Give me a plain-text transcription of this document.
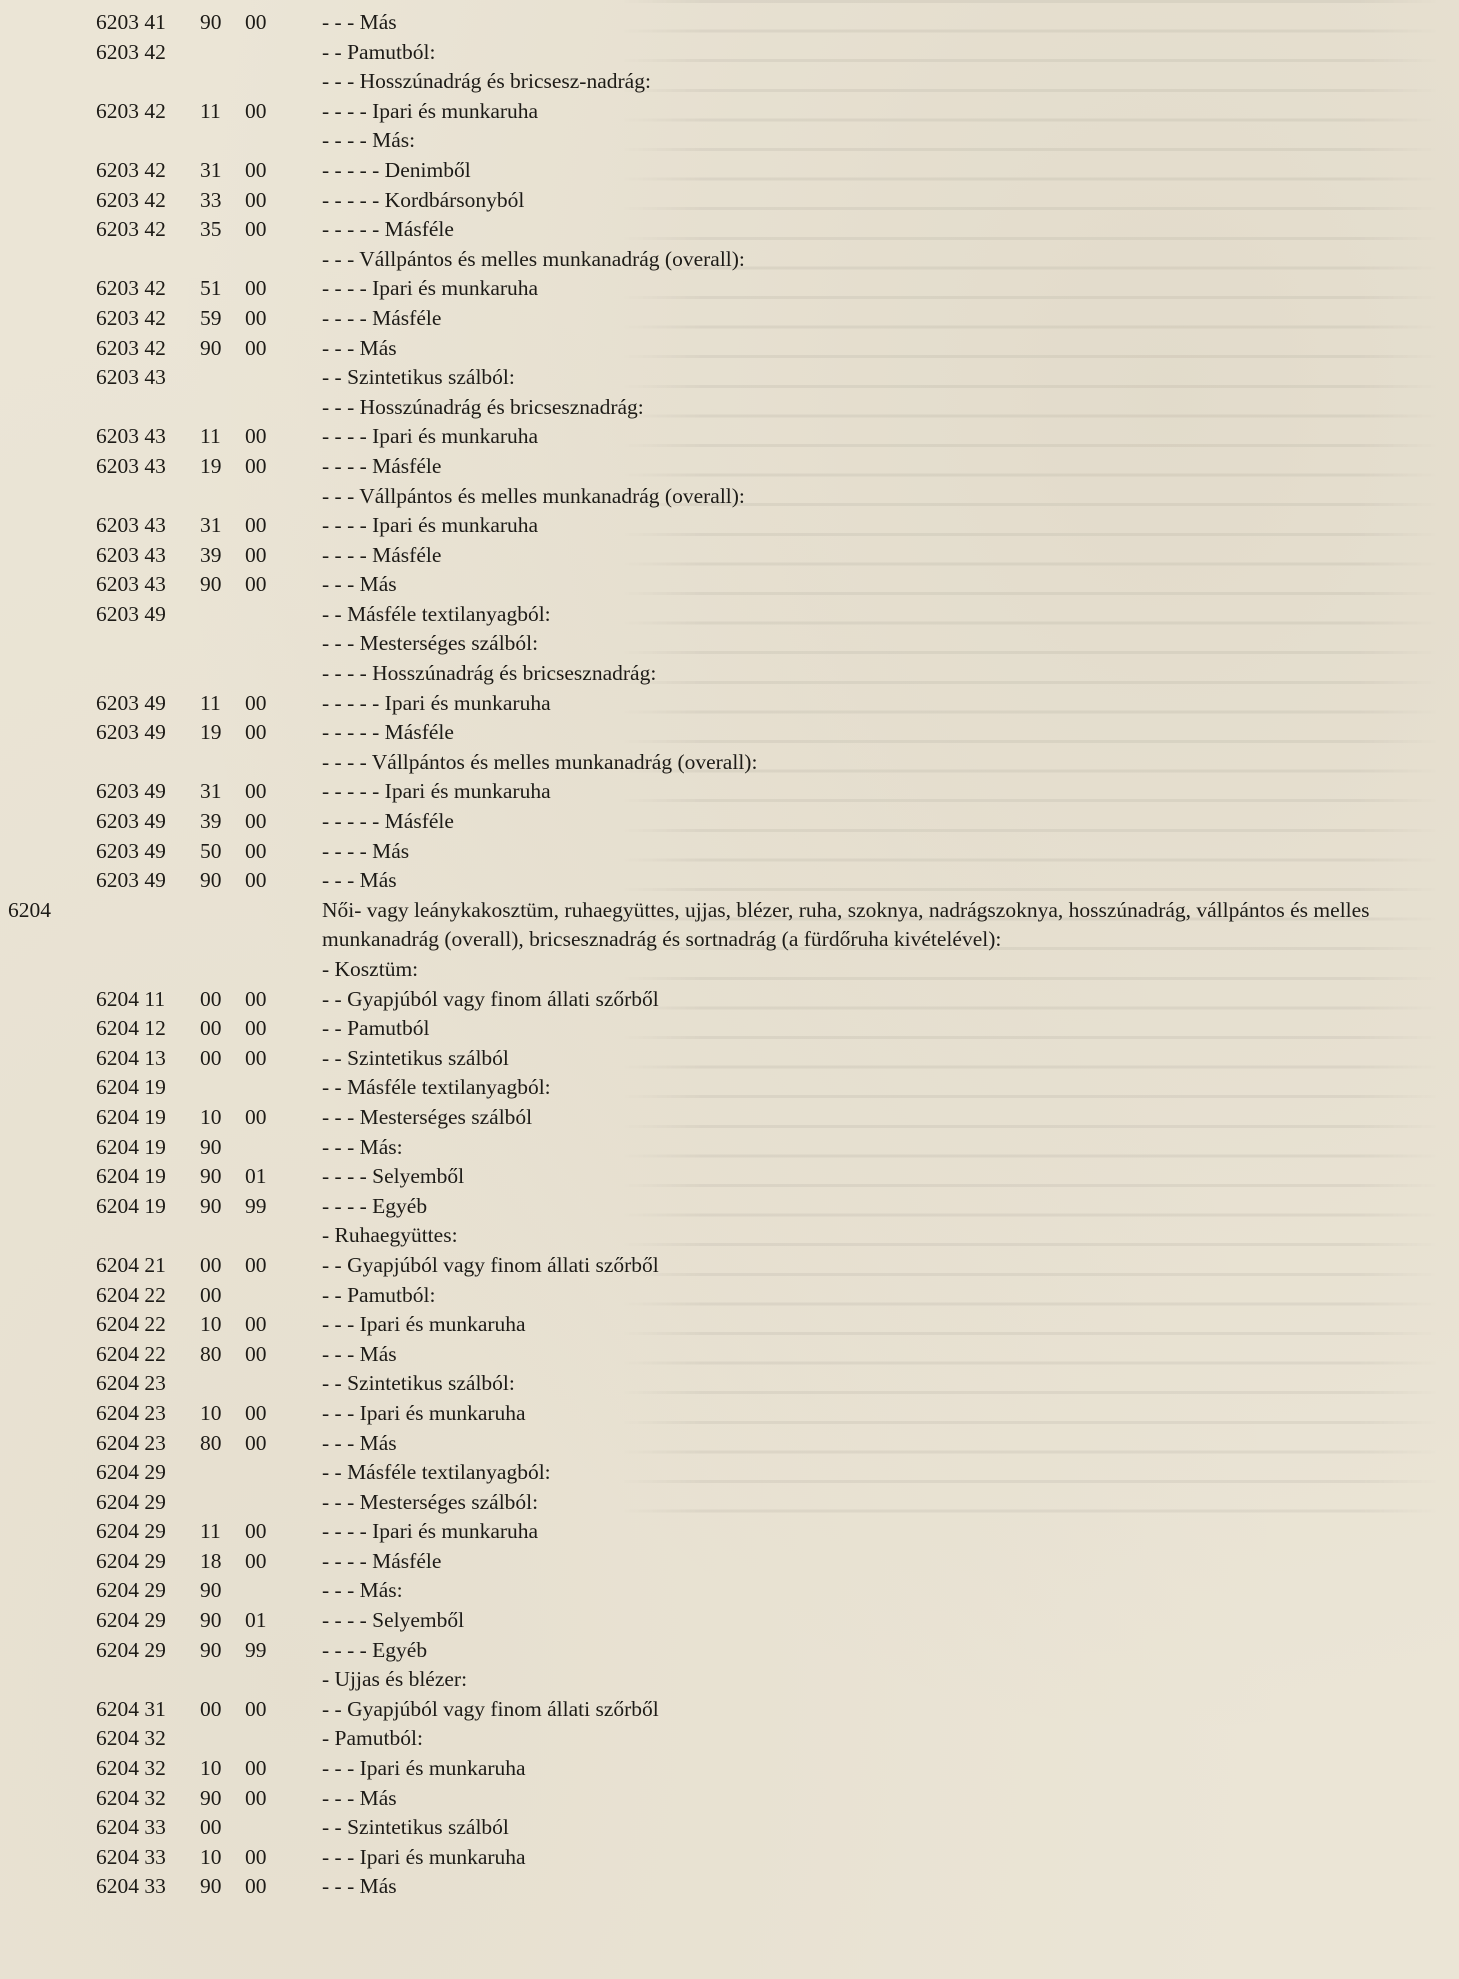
6203 41 90 00	- - - Más
6203 42	- - Pamutból:
- - - Hosszúnadrág és bricsesz-nadrág:
6203 42 11 00	- - - - Ipari és munkaruha
- - - - Más:
6203 42 31 00	- - - - - Denimből
6203 42 33 00	- - - - - Kordbársonyból
6203 42 35 00	- - - - - Másféle
- - - Vállpántos és melles munkanadrág (overall):
6203 42 51 00	- - - - Ipari és munkaruha
6203 42 59 00	- - - - Másféle
6203 42 90 00	- - - Más
6203 43	- - Szintetikus szálból:
- - - Hosszúnadrág és bricsesznadrág:
6203 43 11 00	- - - - Ipari és munkaruha
6203 43 19 00	- - - - Másféle
- - - Vállpántos és melles munkanadrág (overall):
6203 43 31 00	- - - - Ipari és munkaruha
6203 43 39 00	- - - - Másféle
6203 43 90 00	- - - Más
6203 49	- - Másféle textilanyagból:
- - - Mesterséges szálból:
- - - - Hosszúnadrág és bricsesznadrág:
6203 49 11 00	- - - - - Ipari és munkaruha
6203 49 19 00	- - - - - Másféle
- - - - Vállpántos és melles munkanadrág (overall):
6203 49 31 00	- - - - - Ipari és munkaruha
6203 49 39 00	- - - - - Másféle
6203 49 50 00	- - - - Más
6203 49 90 00	- - - Más
6204	Női- vagy leánykakosztüm, ruhaegyüttes, ujjas, blézer, ruha, szoknya, nadrágszoknya, hosszúnadrág, vállpántos és melles munkanadrág (overall), bricsesznadrág és sortnadrág (a fürdőruha kivételével):
- Kosztüm:
6204 11 00 00	- - Gyapjúból vagy finom állati szőrből
6204 12 00 00	- - Pamutból
6204 13 00 00	- - Szintetikus szálból
6204 19	- - Másféle textilanyagból:
6204 19 10 00	- - - Mesterséges szálból
6204 19 90	- - - Más:
6204 19 90 01	- - - - Selyemből
6204 19 90 99	- - - - Egyéb
- Ruhaegyüttes:
6204 21 00 00	- - Gyapjúból vagy finom állati szőrből
6204 22 00	- - Pamutból:
6204 22 10 00	- - - Ipari és munkaruha
6204 22 80 00	- - - Más
6204 23	- - Szintetikus szálból:
6204 23 10 00	- - - Ipari és munkaruha
6204 23 80 00	- - - Más
6204 29	- - Másféle textilanyagból:
6204 29	- - - Mesterséges szálból:
6204 29 11 00	- - - - Ipari és munkaruha
6204 29 18 00	- - - - Másféle
6204 29 90	- - - Más:
6204 29 90 01	- - - - Selyemből
6204 29 90 99	- - - - Egyéb
- Ujjas és blézer:
6204 31 00 00	- - Gyapjúból vagy finom állati szőrből
6204 32	- Pamutból:
6204 32 10 00	- - - Ipari és munkaruha
6204 32 90 00	- - - Más
6204 33 00	- - Szintetikus szálból
6204 33 10 00	- - - Ipari és munkaruha
6204 33 90 00	- - - Más
